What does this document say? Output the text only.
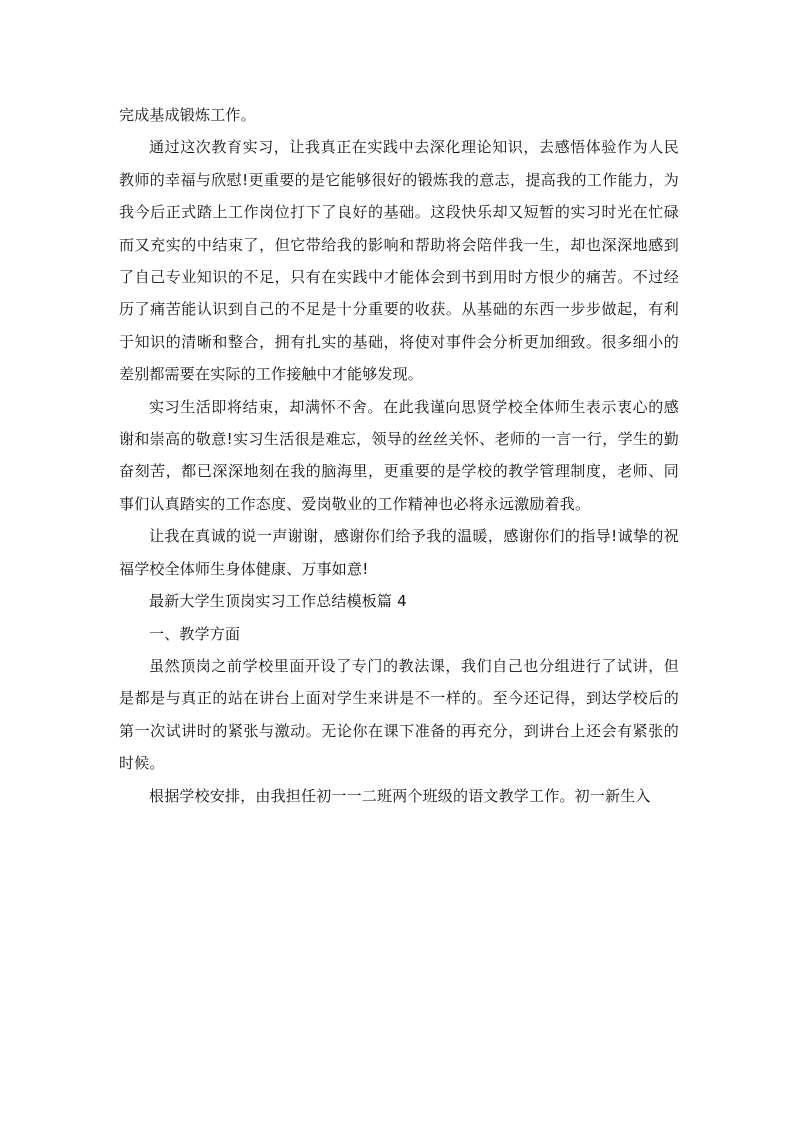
完成基成锻炼工作。

通过这次教育实习，让我真正在实践中去深化理论知识，去感悟体验作为人民教师的幸福与欣慰!更重要的是它能够很好的锻炼我的意志，提高我的工作能力，为我今后正式踏上工作岗位打下了良好的基础。这段快乐却又短暂的实习时光在忙碌而又充实的中结束了，但它带给我的影响和帮助将会陪伴我一生，却也深深地感到了自己专业知识的不足，只有在实践中才能体会到书到用时方恨少的痛苦。不过经历了痛苦能认识到自己的不足是十分重要的收获。从基础的东西一步步做起，有利于知识的清晰和整合，拥有扎实的基础，将使对事件会分析更加细致。很多细小的差别都需要在实际的工作接触中才能够发现。

实习生活即将结束，却满怀不舍。在此我谨向思贤学校全体师生表示衷心的感谢和崇高的敬意!实习生活很是难忘，领导的丝丝关怀、老师的一言一行，学生的勤奋刻苦，都已深深地刻在我的脑海里，更重要的是学校的教学管理制度，老师、同事们认真踏实的工作态度、爱岗敬业的工作精神也必将永远激励着我。

让我在真诚的说一声谢谢，感谢你们给予我的温暖，感谢你们的指导!诚挚的祝福学校全体师生身体健康、万事如意!

最新大学生顶岗实习工作总结模板篇 4

一、教学方面

虽然顶岗之前学校里面开设了专门的教法课，我们自己也分组进行了试讲，但是都是与真正的站在讲台上面对学生来讲是不一样的。至今还记得，到达学校后的第一次试讲时的紧张与激动。无论你在课下准备的再充分，到讲台上还会有紧张的时候。

根据学校安排，由我担任初一一二班两个班级的语文教学工作。初一新生入
